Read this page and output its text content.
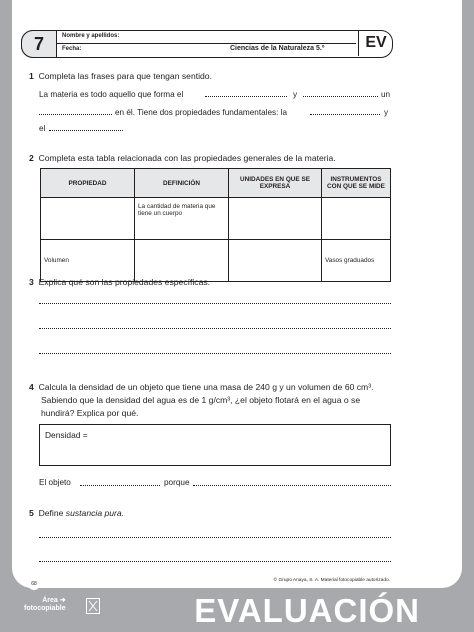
7	Nombre y apellidos:
Fecha:	Ciencias de la Naturaleza 5.º	EV
1 Completa las frases para que tengan sentido.
La materia es todo aquello que forma el	y	un
en él. Tiene dos propiedades fundamentales: la	y
el
2 Completa esta tabla relacionada con las propiedades generales de la materia.
PROPIEDAD	DEFINICIÓN	UNIDADES EN QUE SE EXPRESA	INSTRUMENTOS CON QUE SE MIDE
	La cantidad de materia que tiene un cuerpo		
Volumen			Vasos graduados
3 Explica qué son las propiedades específicas.
4 Calcula la densidad de un objeto que tiene una masa de 240 g y un volumen de 60 cm³.
Sabiendo que la densidad del agua es de 1 g/cm³, ¿el objeto flotará en el agua o se
hundirá? Explica por qué.
Densidad =
El objeto	porque
5 Define sustancia pura.
68
© Grupo Anaya, S. A. Material fotocopiable autorizado.
Área ➜
fotocopiable	EVALUACIÓN
